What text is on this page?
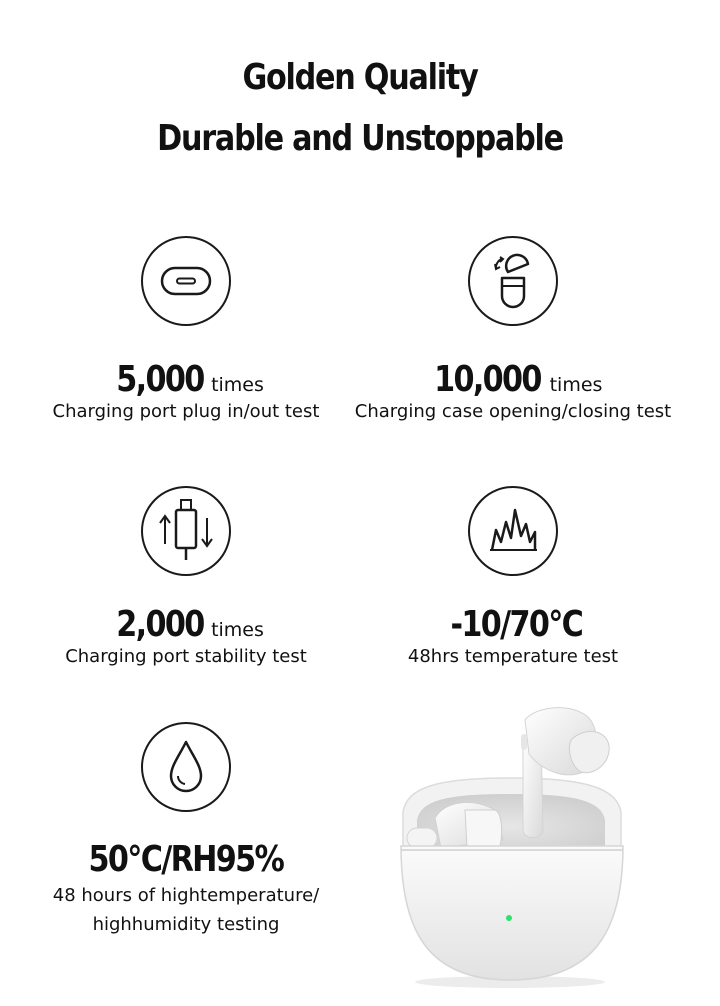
Golden Quality
Durable and Unstoppable
5,000 times
Charging port plug in/out test
10,000 times
Charging case opening/closing test
2,000 times
Charging port stability test
-10/70°C
48hrs temperature test
50°C/RH95%
48 hours of hightemperature/
highhumidity testing
